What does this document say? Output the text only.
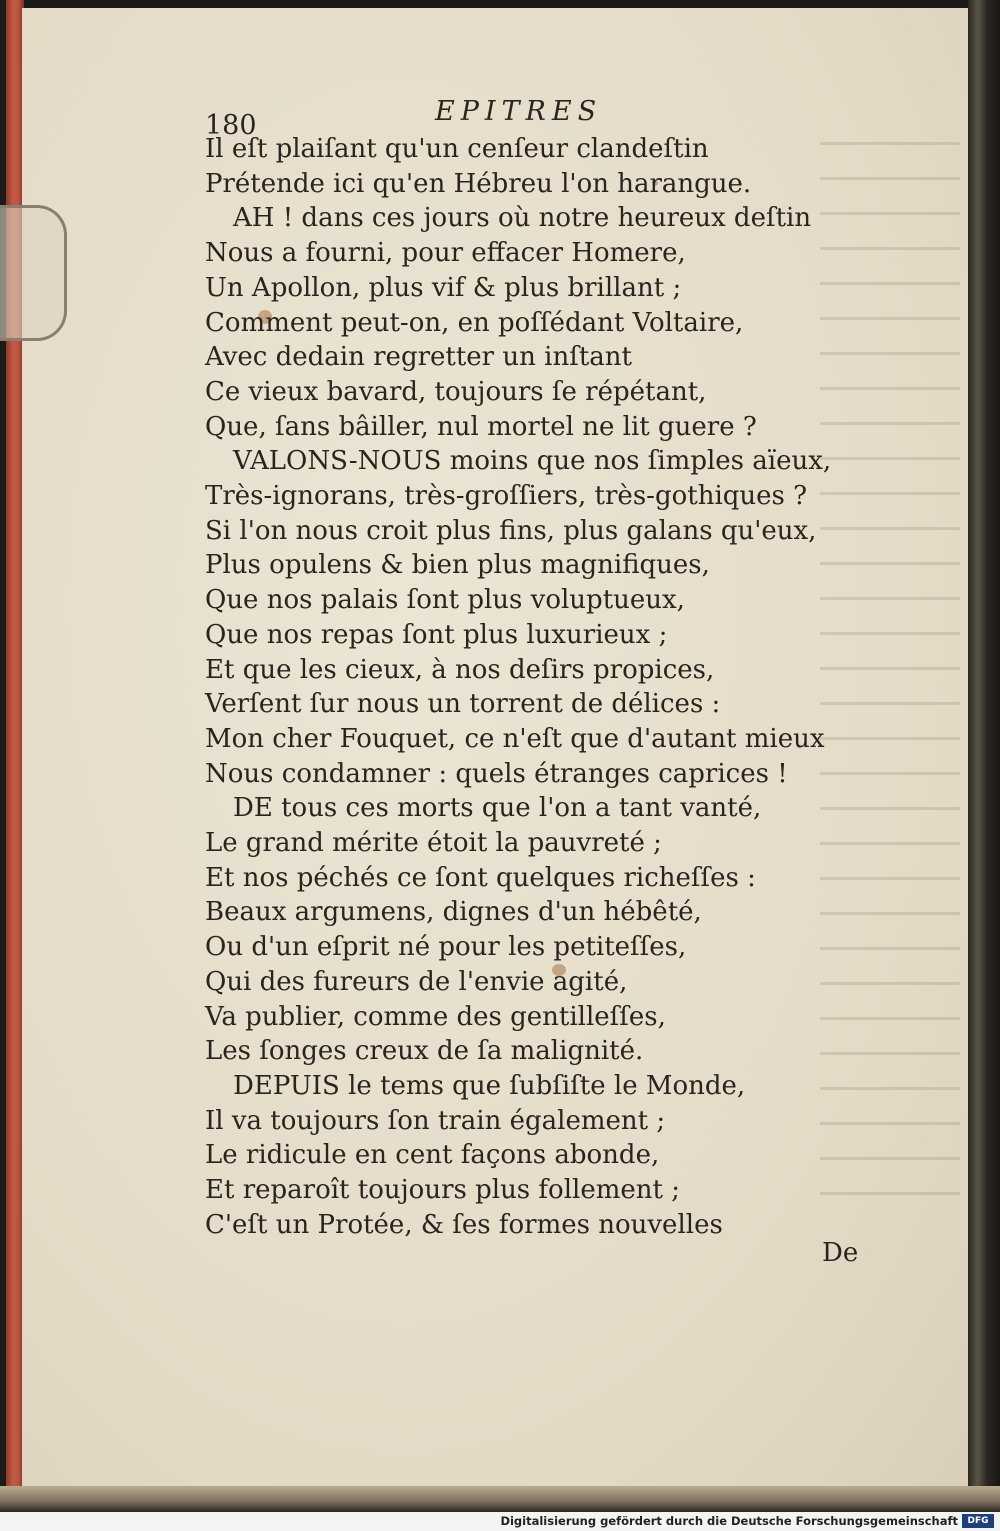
180	EPITRES
Il eſt plaiſant qu'un cenſeur clandeſtin
Prétende ici qu'en Hébreu l'on harangue.
AH ! dans ces jours où notre heureux deſtin
Nous a fourni, pour effacer Homere,
Un Apollon, plus vif & plus brillant ;
Comment peut-on, en poſſédant Voltaire,
Avec dedain regretter un inſtant
Ce vieux bavard, toujours ſe répétant,
Que, ſans bâiller, nul mortel ne lit guere ?
VALONS-NOUS moins que nos ſimples aïeux,
Très-ignorans, très-groſſiers, très-gothiques ?
Si l'on nous croit plus fins, plus galans qu'eux,
Plus opulens & bien plus magnifiques,
Que nos palais ſont plus voluptueux,
Que nos repas ſont plus luxurieux ;
Et que les cieux, à nos deſirs propices,
Verſent ſur nous un torrent de délices :
Mon cher Fouquet, ce n'eſt que d'autant mieux
Nous condamner : quels étranges caprices !
DE tous ces morts que l'on a tant vanté,
Le grand mérite étoit la pauvreté ;
Et nos péchés ce ſont quelques richeſſes :
Beaux argumens, dignes d'un hébêté,
Ou d'un eſprit né pour les petiteſſes,
Qui des fureurs de l'envie agité,
Va publier, comme des gentilleſſes,
Les ſonges creux de ſa malignité.
DEPUIS le tems que ſubſiſte le Monde,
Il va toujours ſon train également ;
Le ridicule en cent façons abonde,
Et reparoît toujours plus follement ;
C'eſt un Protée, & ſes formes nouvelles
De
Digitalisierung gefördert durch die Deutsche Forschungsgemeinschaft	DFG
